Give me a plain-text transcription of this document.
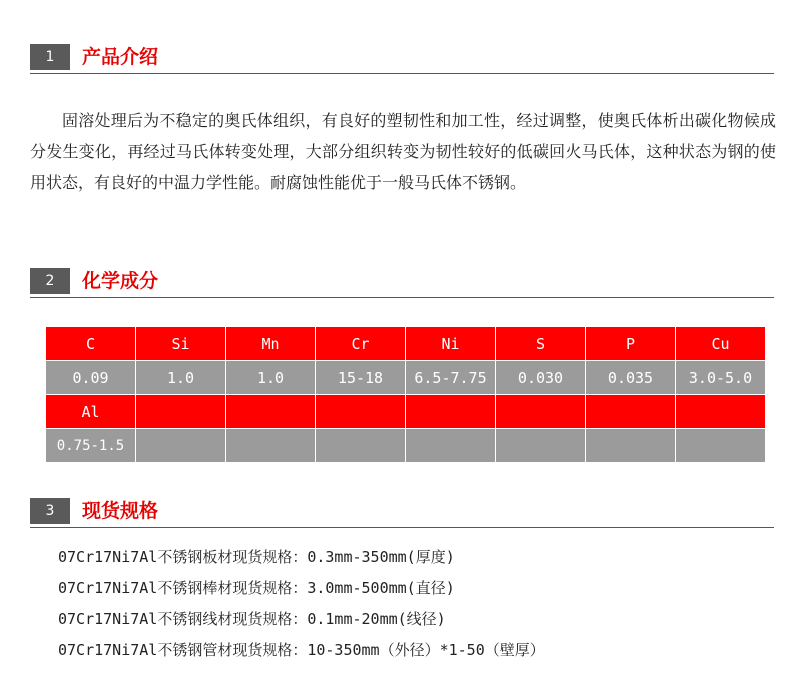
1	产品介绍

固溶处理后为不稳定的奥氏体组织，有良好的塑韧性和加工性，经过调整，使奥氏体析出碳化物候成分发生变化，再经过马氏体转变处理，大部分组织转变为韧性较好的低碳回火马氏体，这种状态为钢的使用状态，有良好的中温力学性能。耐腐蚀性能优于一般马氏体不锈钢。

2	化学成分
C	Si	Mn	Cr	Ni	S	P	Cu
0.09	1.0	1.0	15-18	6.5-7.75	0.030	0.035	3.0-5.0
Al							
0.75-1.5							
3	现货规格
07Cr17Ni7Al不锈钢板材现货规格：0.3mm-350mm(厚度)
07Cr17Ni7Al不锈钢棒材现货规格：3.0mm-500mm(直径)
07Cr17Ni7Al不锈钢线材现货规格：0.1mm-20mm(线径)
07Cr17Ni7Al不锈钢管材现货规格：10-350mm（外径）*1-50（壁厚）
